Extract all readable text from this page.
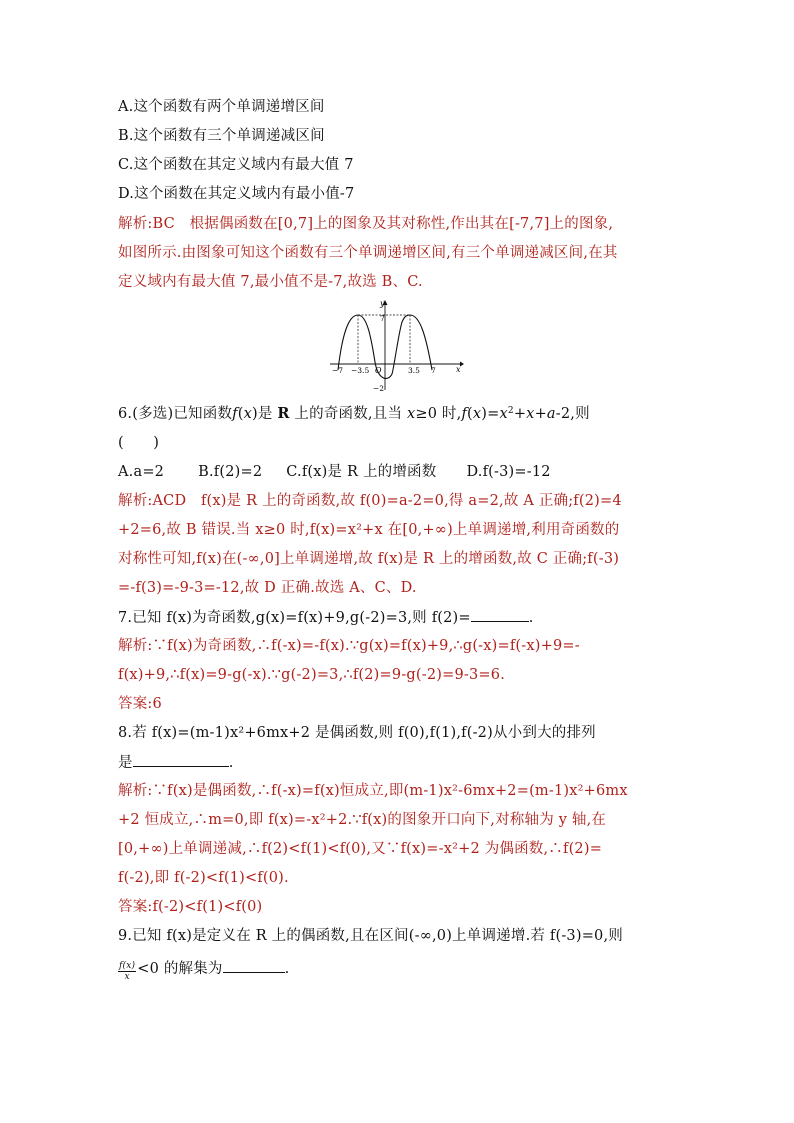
A.这个函数有两个单调递增区间
B.这个函数有三个单调递减区间
C.这个函数在其定义域内有最大值 7
D.这个函数在其定义域内有最小值-7
解析:BC　根据偶函数在[0,7]上的图象及其对称性,作出其在[-7,7]上的图象,
如图所示.由图象可知这个函数有三个单调递增区间,有三个单调递减区间,在其
定义域内有最大值 7,最小值不是-7,故选 B、C.
y
x
O
7
−2
−7 −3.5	3.5 7
6.(多选)已知函数f(x)是 R 上的奇函数,且当 x≥0 时$,f(x)=x^2+x+a-2$,则
(　　)
A.a=2 B.f(2)=2 C.f(x)是 R 上的增函数 D.f(-3)=-12
解析:ACD　f(x)是 R 上的奇函数,故 f(0)=a-2=0,得 a=2,故 A 正确;f(2)=4
+2=6,故 B 错误.当 x≥0 时,f(x)=x²+x 在[0,+∞)上单调递增,利用奇函数的
对称性可知,f(x)在(-∞,0]上单调递增,故 f(x)是 R 上的增函数,故 C 正确;f(-3)
=-f(3)=-9-3=-12,故 D 正确.故选 A、C、D.
7.已知 f(x)为奇函数,g(x)=f(x)+9,g(-2)=3,则 f(2)=	.
解析:∵f(x)为奇函数,∴f(-x)=-f(x).∵g(x)=f(x)+9,∴g(-x)=f(-x)+9=-
f(x)+9,∴f(x)=9-g(-x).∵g(-2)=3,∴f(2)=9-g(-2)=9-3=6.
答案:6
8.若 f(x)=(m-1)x²+6mx+2 是偶函数,则 f(0),f(1),f(-2)从小到大的排列
是	.
解析:∵f(x)是偶函数,∴f(-x)=f(x)恒成立,即(m-1)x²-6mx+2=(m-1)x²+6mx
+2 恒成立,∴m=0,即 f(x)=-x²+2.∵f(x)的图象开口向下,对称轴为 y 轴,在
[0,+∞)上单调递减,∴f(2)<f(1)<f(0),又∵f(x)=-x²+2 为偶函数,∴f(2)=
f(-2),即 f(-2)<f(1)<f(0).
答案:f(-2)<f(1)<f(0)
9.已知 f(x)是定义在 R 上的偶函数,且在区间(-∞,0)上单调递增.若 f(-3)=0,则
$\frac{f(x)}{x} <0$ 的解集为	.
